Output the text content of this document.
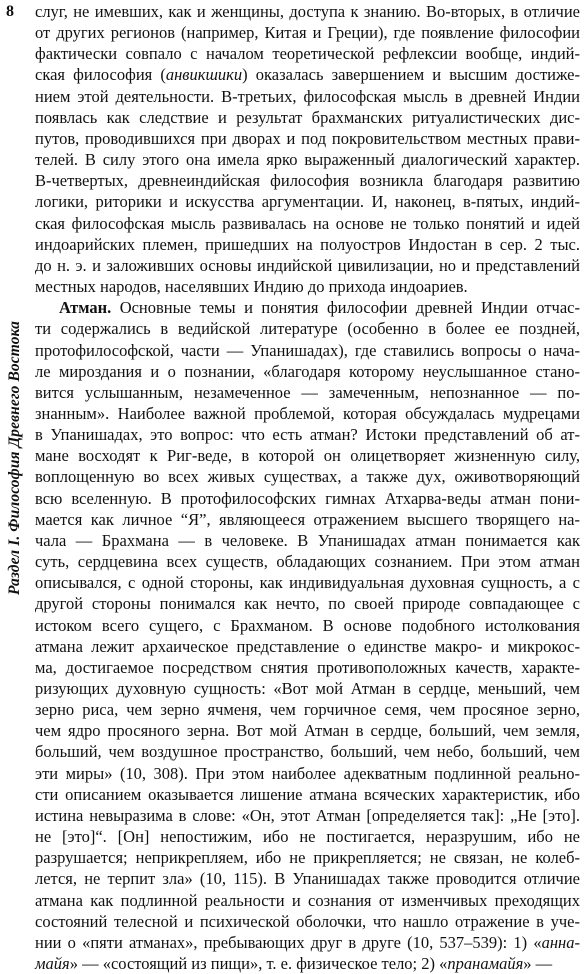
8
Раздел I. Философия Древнего Востока
слуг, не имевших, как и женщины, доступа к знанию. Во-вторых, в отличие
от других регионов (например, Китая и Греции), где появление философии
фактически совпало с началом теоретической рефлексии вообще, индий-
ская философия (анвикшики) оказалась завершением и высшим достиже-
нием этой деятельности. В-третьих, философская мысль в древней Индии
появлась как следствие и результат брахманских ритуалистических дис-
путов, проводившихся при дворах и под покровительством местных прави-
телей. В силу этого она имела ярко выраженный диалогический характер.
В-четвертых, древнеиндийская философия возникла благодаря развитию
логики, риторики и искусства аргументации. И, наконец, в-пятых, индий-
ская философская мысль развивалась на основе не только понятий и идей
индоарийских племен, пришедших на полуостров Индостан в сер. 2 тыс.
до н. э. и заложивших основы индийской цивилизации, но и представлений
местных народов, населявших Индию до прихода индоариев.
Атман. Основные темы и понятия философии древней Индии отчас-
ти содержались в ведийской литературе (особенно в более ее поздней,
протофилософской, части — Упанишадах), где ставились вопросы о нача-
ле мироздания и о познании, «благодаря которому неуслышанное стано-
вится услышанным, незамеченное — замеченным, непознанное — по-
знанным». Наиболее важной проблемой, которая обсуждалась мудрецами
в Упанишадах, это вопрос: что есть атман? Истоки представлений об ат-
мане восходят к Риг-веде, в которой он олицетворяет жизненную силу,
воплощенную во всех живых существах, а также дух, оживотворяющий
всю вселенную. В протофилософских гимнах Атхарва-веды атман пони-
мается как личное “Я”, являющееся отражением высшего творящего на-
чала — Брахмана — в человеке. В Упанишадах атман понимается как
суть, сердцевина всех существ, обладающих сознанием. При этом атман
описывался, с одной стороны, как индивидуальная духовная сущность, а с
другой стороны понимался как нечто, по своей природе совпадающее с
истоком всего сущего, с Брахманом. В основе подобного истолкования
атмана лежит архаическое представление о единстве макро- и микрокос-
ма, достигаемое посредством снятия противоположных качеств, характе-
ризующих духовную сущность: «Вот мой Атман в сердце, меньший, чем
зерно риса, чем зерно ячменя, чем горчичное семя, чем просяное зерно,
чем ядро просяного зерна. Вот мой Атман в сердце, больший, чем земля,
больший, чем воздушное пространство, больший, чем небо, больший, чем
эти миры» (10, 308). При этом наиболее адекватным подлинной реально-
сти описанием оказывается лишение атмана всяческих характеристик, ибо
истина невыразима в слове: «Он, этот Атман [определяется так]: „Не [это].
не [это]“. [Он] непостижим, ибо не постигается, неразрушим, ибо не
разрушается; неприкрепляем, ибо не прикрепляется; не связан, не колеб-
лется, не терпит зла» (10, 115). В Упанишадах также проводится отличие
атмана как подлинной реальности и сознания от изменчивых преходящих
состояний телесной и психической оболочки, что нашло отражение в уче-
нии о «пяти атманах», пребывающих друг в друге (10, 537–539): 1) «анна-
майя» — «состоящий из пищи», т. е. физическое тело; 2) «пранамайя» —
